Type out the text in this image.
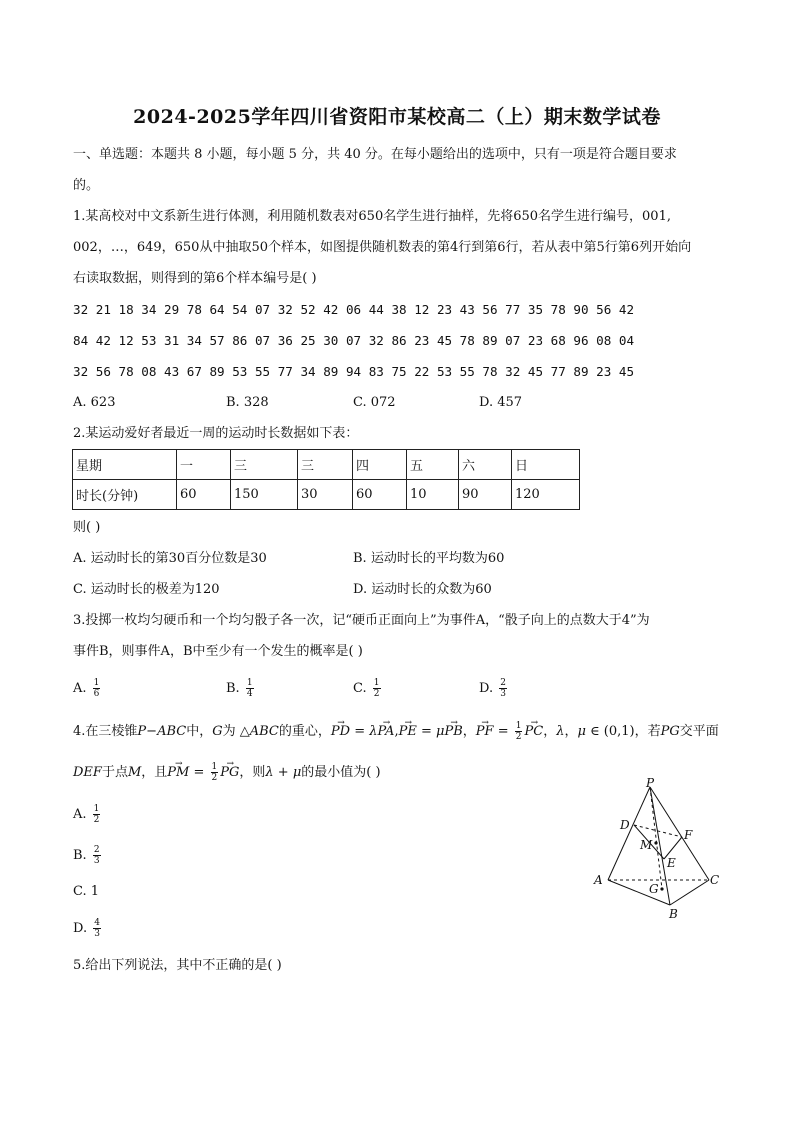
2024-2025学年四川省资阳市某校高二（上）期末数学试卷
一、单选题：本题共 8 小题，每小题 5 分，共 40 分。在每小题给出的选项中，只有一项是符合题目要求
的。
1.某高校对中文系新生进行体测，利用随机数表对650名学生进行抽样，先将650名学生进行编号，001,
002，…，649，650从中抽取50个样本，如图提供随机数表的第4行到第6行，若从表中第5行第6列开始向
右读取数据，则得到的第6个样本编号是( )
32 21 18 34 29 78 64 54 07 32 52 42 06 44 38 12 23 43 56 77 35 78 90 56 42
84 42 12 53 31 34 57 86 07 36 25 30 07 32 86 23 45 78 89 07 23 68 96 08 04
32 56 78 08 43 67 89 53 55 77 34 89 94 83 75 22 53 55 78 32 45 77 89 23 45
A. 623	B. 328	C. 072	D. 457
2.某运动爱好者最近一周的运动时长数据如下表：
星期	一	三	三	四	五	六	日
时长(分钟)	60	150	30	60	10	90	120
则( )
A. 运动时长的第30百分位数是30	B. 运动时长的平均数为60
C. 运动时长的极差为120	D. 运动时长的众数为60
3.投掷一枚均匀硬币和一个均匀骰子各一次，记“硬币正面向上”为事件A，“骰子向上的点数大于4”为
事件B，则事件A，B中至少有一个发生的概率是( )
A. $\frac{1}{6}$	B. $\frac{1}{4}$	C. $\frac{1}{2}$	D. $\frac{2}{3}$
4.在三棱锥P−ABC中，G为 △ABC的重心，→ PD = λ→ PA,→ PE = μ→ PB，→ PF = $\frac{1}{2}$ → PC，λ，μ ∈ (0,1)，若PG交平面
DEF于点M，且→ PM = $\frac{1}{2}$ → PG，则λ + μ的最小值为( )
A. $\frac{1}{2}$
B. $\frac{2}{3}$
C. 1
D. $\frac{4}{3}$
P
D
F
M
E
A	C
G
B
5.给出下列说法，其中不正确的是( )
